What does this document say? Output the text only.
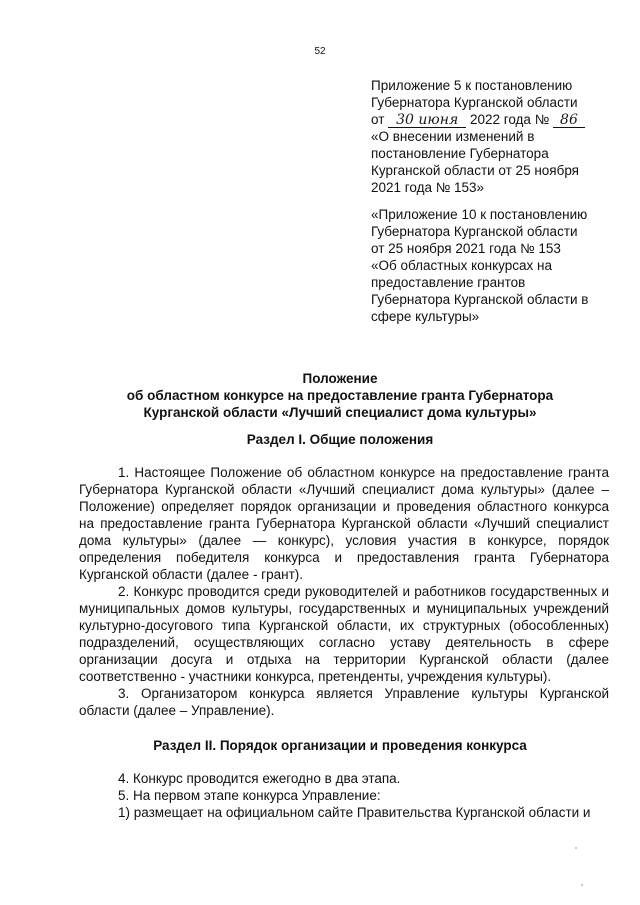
52

Приложение 5 к постановлению

Губернатора Курганской области

от 30 июня 2022 года № 86

«О внесении изменений в

постановление Губернатора

Курганской области от 25 ноября

2021 года № 153»

«Приложение 10 к постановлению

Губернатора Курганской области

от 25 ноября 2021 года № 153

«Об областных конкурсах на

предоставление грантов

Губернатора Курганской области в

сфере культуры»

Положение

об областном конкурсе на предоставление гранта Губернатора

Курганской области «Лучший специалист дома культуры»

Раздел I. Общие положения

1. Настоящее Положение об областном конкурсе на предоставление гранта Губернатора Курганской области «Лучший специалист дома культуры» (далее – Положение) определяет порядок организации и проведения областного конкурса на предоставление гранта Губернатора Курганской области «Лучший специалист дома культуры» (далее — конкурс), условия участия в конкурсе, порядок определения победителя конкурса и предоставления гранта Губернатора Курганской области (далее - грант).

2. Конкурс проводится среди руководителей и работников государственных и муниципальных домов культуры, государственных и муниципальных учреждений культурно-досугового типа Курганской области, их структурных (обособленных) подразделений, осуществляющих согласно уставу деятельность в сфере организации досуга и отдыха на территории Курганской области (далее соответственно - участники конкурса, претенденты, учреждения культуры).

3. Организатором конкурса является Управление культуры Курганской области (далее – Управление).

Раздел II. Порядок организации и проведения конкурса

4. Конкурс проводится ежегодно в два этапа.

5. На первом этапе конкурса Управление:

1) размещает на официальном сайте Правительства Курганской области и
